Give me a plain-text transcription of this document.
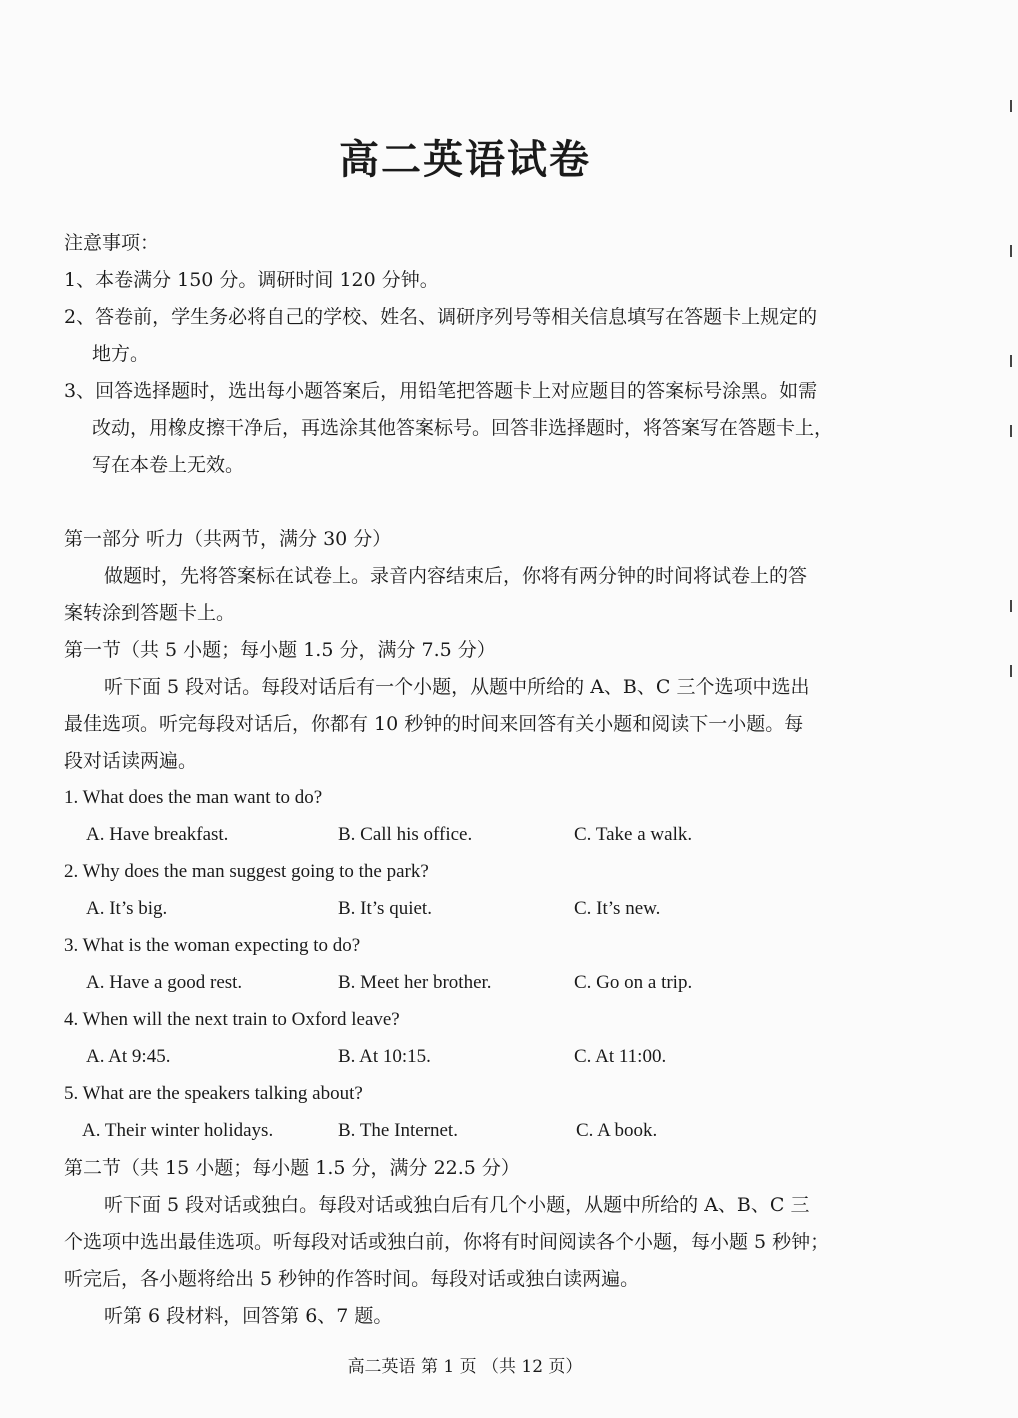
高二英语试卷
注意事项：
1、本卷满分 150 分。调研时间 120 分钟。
2、答卷前，学生务必将自己的学校、姓名、调研序列号等相关信息填写在答题卡上规定的
地方。
3、回答选择题时，选出每小题答案后，用铅笔把答题卡上对应题目的答案标号涂黑。如需
改动，用橡皮擦干净后，再选涂其他答案标号。回答非选择题时，将答案写在答题卡上，
写在本卷上无效。
第一部分 听力（共两节，满分 30 分）
做题时，先将答案标在试卷上。录音内容结束后，你将有两分钟的时间将试卷上的答
案转涂到答题卡上。
第一节（共 5 小题；每小题 1.5 分，满分 7.5 分）
听下面 5 段对话。每段对话后有一个小题，从题中所给的 A、B、C 三个选项中选出
最佳选项。听完每段对话后，你都有 10 秒钟的时间来回答有关小题和阅读下一小题。每
段对话读两遍。
1. What does the man want to do?
A. Have breakfast.	B. Call his office.	C. Take a walk.
2. Why does the man suggest going to the park?
A. It’s big.	B. It’s quiet.	C. It’s new.
3. What is the woman expecting to do?
A. Have a good rest.	B. Meet her brother.	C. Go on a trip.
4. When will the next train to Oxford leave?
A. At 9:45.	B. At 10:15.	C. At 11:00.
5. What are the speakers talking about?
A. Their winter holidays.	B. The Internet.	C. A book.
第二节（共 15 小题；每小题 1.5 分，满分 22.5 分）
听下面 5 段对话或独白。每段对话或独白后有几个小题，从题中所给的 A、B、C 三
个选项中选出最佳选项。听每段对话或独白前，你将有时间阅读各个小题，每小题 5 秒钟；
听完后，各小题将给出 5 秒钟的作答时间。每段对话或独白读两遍。
听第 6 段材料，回答第 6、7 题。
高二英语 第 1 页 （共 12 页）
